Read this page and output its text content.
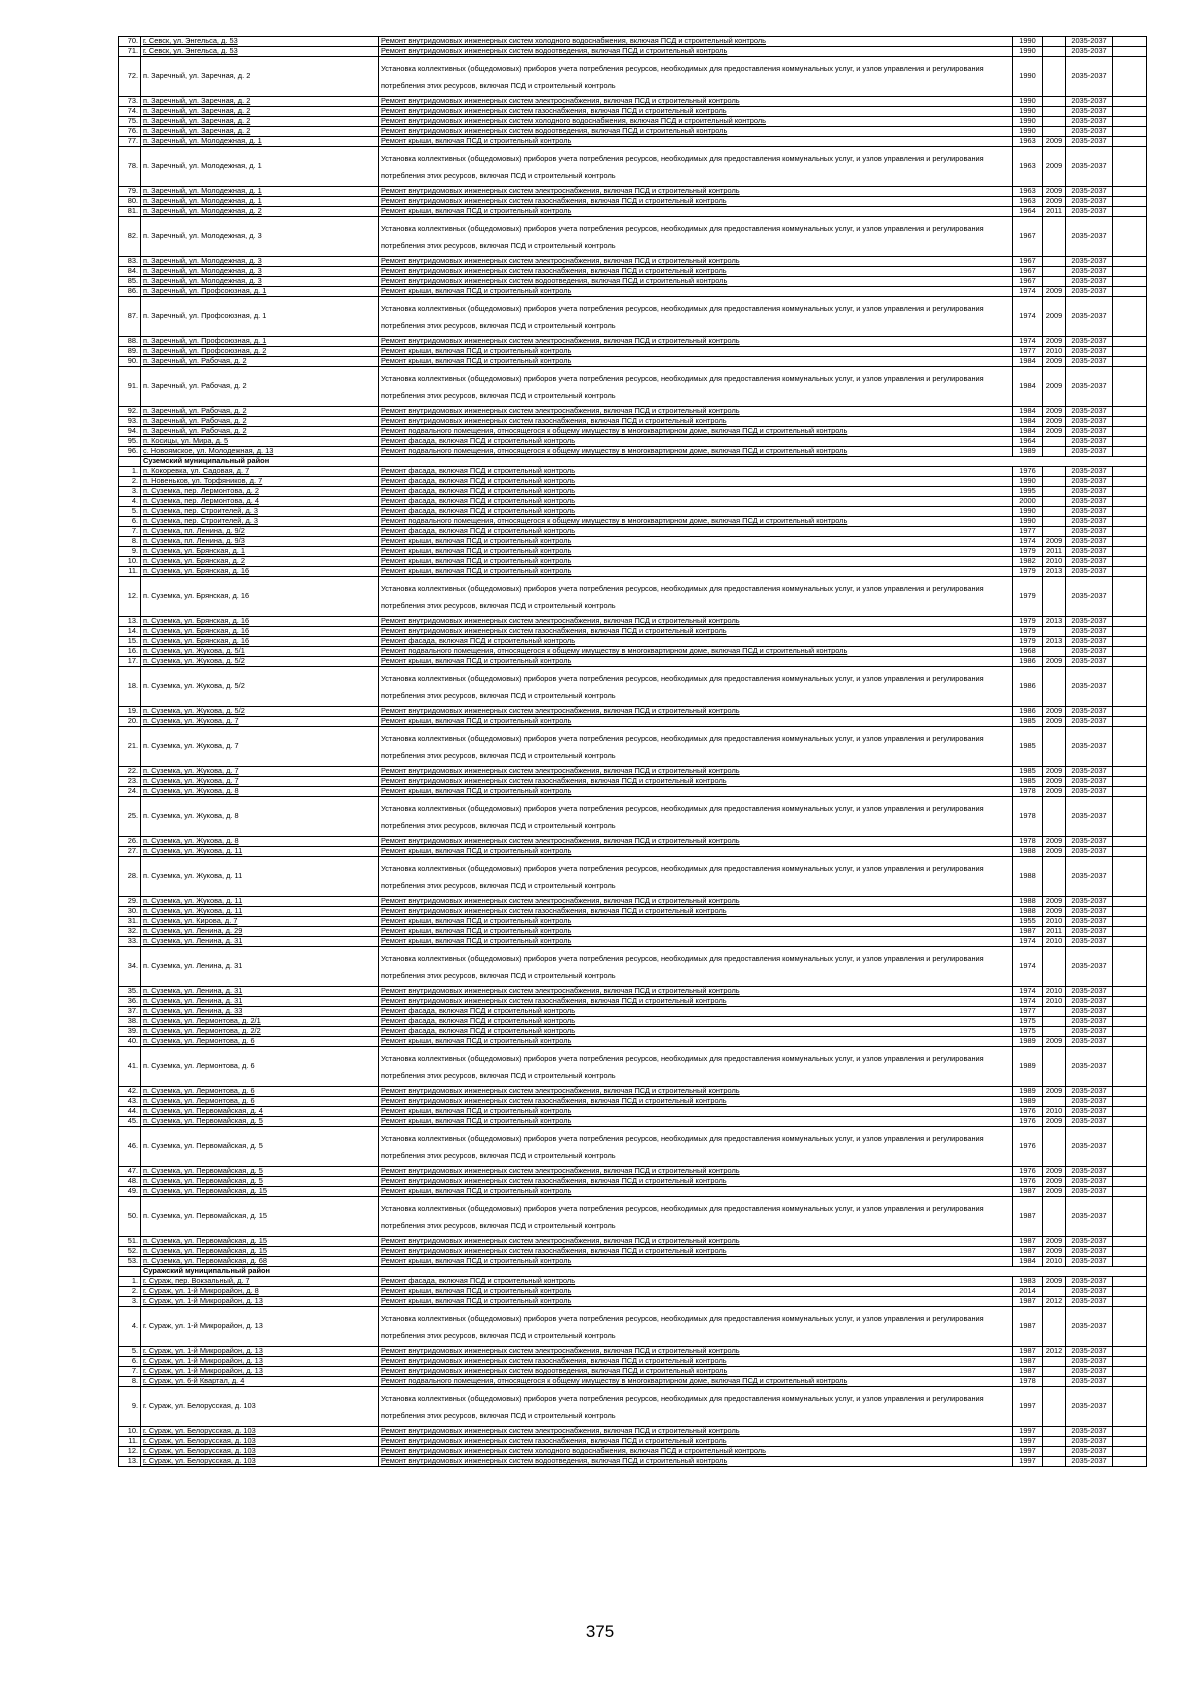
70.	г. Севск, ул. Энгельса, д. 53	Ремонт внутридомовых инженерных систем холодного водоснабжения, включая ПСД и строительный контроль	1990		2035-2037	
71.	г. Севск, ул. Энгельса, д. 53	Ремонт внутридомовых инженерных систем водоотведения, включая ПСД и строительный контроль	1990		2035-2037	
72.	п. Заречный, ул. Заречная, д. 2	Установка коллективных (общедомовых) приборов учета потребления ресурсов, необходимых для предоставления коммунальных услуг, и узлов управления и регулирования потребления этих ресурсов, включая ПСД и строительный контроль	1990		2035-2037	
73.	п. Заречный, ул. Заречная, д. 2	Ремонт внутридомовых инженерных систем электроснабжения, включая ПСД и строительный контроль	1990		2035-2037	
74.	п. Заречный, ул. Заречная, д. 2	Ремонт внутридомовых инженерных систем газоснабжения, включая ПСД и строительный контроль	1990		2035-2037	
75.	п. Заречный, ул. Заречная, д. 2	Ремонт внутридомовых инженерных систем холодного водоснабжения, включая ПСД и строительный контроль	1990		2035-2037	
76.	п. Заречный, ул. Заречная, д. 2	Ремонт внутридомовых инженерных систем водоотведения, включая ПСД и строительный контроль	1990		2035-2037	
77.	п. Заречный, ул. Молодежная, д. 1	Ремонт крыши, включая ПСД и строительный контроль	1963	2009	2035-2037	
78.	п. Заречный, ул. Молодежная, д. 1	Установка коллективных (общедомовых) приборов учета потребления ресурсов, необходимых для предоставления коммунальных услуг, и узлов управления и регулирования потребления этих ресурсов, включая ПСД и строительный контроль	1963	2009	2035-2037	
79.	п. Заречный, ул. Молодежная, д. 1	Ремонт внутридомовых инженерных систем электроснабжения, включая ПСД и строительный контроль	1963	2009	2035-2037	
80.	п. Заречный, ул. Молодежная, д. 1	Ремонт внутридомовых инженерных систем газоснабжения, включая ПСД и строительный контроль	1963	2009	2035-2037	
81.	п. Заречный, ул. Молодежная, д. 2	Ремонт крыши, включая ПСД и строительный контроль	1964	2011	2035-2037	
82.	п. Заречный, ул. Молодежная, д. 3	Установка коллективных (общедомовых) приборов учета потребления ресурсов, необходимых для предоставления коммунальных услуг, и узлов управления и регулирования потребления этих ресурсов, включая ПСД и строительный контроль	1967		2035-2037	
83.	п. Заречный, ул. Молодежная, д. 3	Ремонт внутридомовых инженерных систем электроснабжения, включая ПСД и строительный контроль	1967		2035-2037	
84.	п. Заречный, ул. Молодежная, д. 3	Ремонт внутридомовых инженерных систем газоснабжения, включая ПСД и строительный контроль	1967		2035-2037	
85.	п. Заречный, ул. Молодежная, д. 3	Ремонт внутридомовых инженерных систем водоотведения, включая ПСД и строительный контроль	1967		2035-2037	
86.	п. Заречный, ул. Профсоюзная, д. 1	Ремонт крыши, включая ПСД и строительный контроль	1974	2009	2035-2037	
87.	п. Заречный, ул. Профсоюзная, д. 1	Установка коллективных (общедомовых) приборов учета потребления ресурсов, необходимых для предоставления коммунальных услуг, и узлов управления и регулирования потребления этих ресурсов, включая ПСД и строительный контроль	1974	2009	2035-2037	
88.	п. Заречный, ул. Профсоюзная, д. 1	Ремонт внутридомовых инженерных систем электроснабжения, включая ПСД и строительный контроль	1974	2009	2035-2037	
89.	п. Заречный, ул. Профсоюзная, д. 2	Ремонт крыши, включая ПСД и строительный контроль	1977	2010	2035-2037	
90.	п. Заречный, ул. Рабочая, д. 2	Ремонт крыши, включая ПСД и строительный контроль	1984	2009	2035-2037	
91.	п. Заречный, ул. Рабочая, д. 2	Установка коллективных (общедомовых) приборов учета потребления ресурсов, необходимых для предоставления коммунальных услуг, и узлов управления и регулирования потребления этих ресурсов, включая ПСД и строительный контроль	1984	2009	2035-2037	
92.	п. Заречный, ул. Рабочая, д. 2	Ремонт внутридомовых инженерных систем электроснабжения, включая ПСД и строительный контроль	1984	2009	2035-2037	
93.	п. Заречный, ул. Рабочая, д. 2	Ремонт внутридомовых инженерных систем газоснабжения, включая ПСД и строительный контроль	1984	2009	2035-2037	
94.	п. Заречный, ул. Рабочая, д. 2	Ремонт подвального помещения, относящегося к общему имуществу в многоквартирном доме, включая ПСД и строительный контроль	1984	2009	2035-2037	
95.	п. Косицы, ул. Мира, д. 5	Ремонт фасада, включая ПСД и строительный контроль	1964		2035-2037	
96.	с. Новоямское, ул. Молодежная, д. 13	Ремонт подвального помещения, относящегося к общему имуществу в многоквартирном доме, включая ПСД и строительный контроль	1989		2035-2037	
	Суземский муниципальный район					
1.	п. Кокоревка, ул. Садовая, д. 7	Ремонт фасада, включая ПСД и строительный контроль	1976		2035-2037	
2.	п. Новеньков, ул. Торфяников, д. 7	Ремонт фасада, включая ПСД и строительный контроль	1990		2035-2037	
3.	п. Суземка, пер. Лермонтова, д. 2	Ремонт фасада, включая ПСД и строительный контроль	1995		2035-2037	
4.	п. Суземка, пер. Лермонтова, д. 4	Ремонт фасада, включая ПСД и строительный контроль	2000		2035-2037	
5.	п. Суземка, пер. Строителей, д. 3	Ремонт фасада, включая ПСД и строительный контроль	1990		2035-2037	
6.	п. Суземка, пер. Строителей, д. 3	Ремонт подвального помещения, относящегося к общему имуществу в многоквартирном доме, включая ПСД и строительный контроль	1990		2035-2037	
7.	п. Суземка, пл. Ленина, д. 9/2	Ремонт фасада, включая ПСД и строительный контроль	1977		2035-2037	
8.	п. Суземка, пл. Ленина, д. 9/3	Ремонт крыши, включая ПСД и строительный контроль	1974	2009	2035-2037	
9.	п. Суземка, ул. Брянская, д. 1	Ремонт крыши, включая ПСД и строительный контроль	1979	2011	2035-2037	
10.	п. Суземка, ул. Брянская, д. 2	Ремонт крыши, включая ПСД и строительный контроль	1982	2010	2035-2037	
11.	п. Суземка, ул. Брянская, д. 16	Ремонт крыши, включая ПСД и строительный контроль	1979	2013	2035-2037	
12.	п. Суземка, ул. Брянская, д. 16	Установка коллективных (общедомовых) приборов учета потребления ресурсов, необходимых для предоставления коммунальных услуг, и узлов управления и регулирования потребления этих ресурсов, включая ПСД и строительный контроль	1979		2035-2037	
13.	п. Суземка, ул. Брянская, д. 16	Ремонт внутридомовых инженерных систем электроснабжения, включая ПСД и строительный контроль	1979	2013	2035-2037	
14.	п. Суземка, ул. Брянская, д. 16	Ремонт внутридомовых инженерных систем газоснабжения, включая ПСД и строительный контроль	1979		2035-2037	
15.	п. Суземка, ул. Брянская, д. 16	Ремонт фасада, включая ПСД и строительный контроль	1979	2013	2035-2037	
16.	п. Суземка, ул. Жукова, д. 5/1	Ремонт подвального помещения, относящегося к общему имуществу в многоквартирном доме, включая ПСД и строительный контроль	1968		2035-2037	
17.	п. Суземка, ул. Жукова, д. 5/2	Ремонт крыши, включая ПСД и строительный контроль	1986	2009	2035-2037	
18.	п. Суземка, ул. Жукова, д. 5/2	Установка коллективных (общедомовых) приборов учета потребления ресурсов, необходимых для предоставления коммунальных услуг, и узлов управления и регулирования потребления этих ресурсов, включая ПСД и строительный контроль	1986		2035-2037	
19.	п. Суземка, ул. Жукова, д. 5/2	Ремонт внутридомовых инженерных систем электроснабжения, включая ПСД и строительный контроль	1986	2009	2035-2037	
20.	п. Суземка, ул. Жукова, д. 7	Ремонт крыши, включая ПСД и строительный контроль	1985	2009	2035-2037	
21.	п. Суземка, ул. Жукова, д. 7	Установка коллективных (общедомовых) приборов учета потребления ресурсов, необходимых для предоставления коммунальных услуг, и узлов управления и регулирования потребления этих ресурсов, включая ПСД и строительный контроль	1985		2035-2037	
22.	п. Суземка, ул. Жукова, д. 7	Ремонт внутридомовых инженерных систем электроснабжения, включая ПСД и строительный контроль	1985	2009	2035-2037	
23.	п. Суземка, ул. Жукова, д. 7	Ремонт внутридомовых инженерных систем газоснабжения, включая ПСД и строительный контроль	1985	2009	2035-2037	
24.	п. Суземка, ул. Жукова, д. 8	Ремонт крыши, включая ПСД и строительный контроль	1978	2009	2035-2037	
25.	п. Суземка, ул. Жукова, д. 8	Установка коллективных (общедомовых) приборов учета потребления ресурсов, необходимых для предоставления коммунальных услуг, и узлов управления и регулирования потребления этих ресурсов, включая ПСД и строительный контроль	1978		2035-2037	
26.	п. Суземка, ул. Жукова, д. 8	Ремонт внутридомовых инженерных систем электроснабжения, включая ПСД и строительный контроль	1978	2009	2035-2037	
27.	п. Суземка, ул. Жукова, д. 11	Ремонт крыши, включая ПСД и строительный контроль	1988	2009	2035-2037	
28.	п. Суземка, ул. Жукова, д. 11	Установка коллективных (общедомовых) приборов учета потребления ресурсов, необходимых для предоставления коммунальных услуг, и узлов управления и регулирования потребления этих ресурсов, включая ПСД и строительный контроль	1988		2035-2037	
29.	п. Суземка, ул. Жукова, д. 11	Ремонт внутридомовых инженерных систем электроснабжения, включая ПСД и строительный контроль	1988	2009	2035-2037	
30.	п. Суземка, ул. Жукова, д. 11	Ремонт внутридомовых инженерных систем газоснабжения, включая ПСД и строительный контроль	1988	2009	2035-2037	
31.	п. Суземка, ул. Кирова, д. 7	Ремонт крыши, включая ПСД и строительный контроль	1955	2010	2035-2037	
32.	п. Суземка, ул. Ленина, д. 29	Ремонт крыши, включая ПСД и строительный контроль	1987	2011	2035-2037	
33.	п. Суземка, ул. Ленина, д. 31	Ремонт крыши, включая ПСД и строительный контроль	1974	2010	2035-2037	
34.	п. Суземка, ул. Ленина, д. 31	Установка коллективных (общедомовых) приборов учета потребления ресурсов, необходимых для предоставления коммунальных услуг, и узлов управления и регулирования потребления этих ресурсов, включая ПСД и строительный контроль	1974		2035-2037	
35.	п. Суземка, ул. Ленина, д. 31	Ремонт внутридомовых инженерных систем электроснабжения, включая ПСД и строительный контроль	1974	2010	2035-2037	
36.	п. Суземка, ул. Ленина, д. 31	Ремонт внутридомовых инженерных систем газоснабжения, включая ПСД и строительный контроль	1974	2010	2035-2037	
37.	п. Суземка, ул. Ленина, д. 33	Ремонт фасада, включая ПСД и строительный контроль	1977		2035-2037	
38.	п. Суземка, ул. Лермонтова, д. 2/1	Ремонт фасада, включая ПСД и строительный контроль	1975		2035-2037	
39.	п. Суземка, ул. Лермонтова, д. 2/2	Ремонт фасада, включая ПСД и строительный контроль	1975		2035-2037	
40.	п. Суземка, ул. Лермонтова, д. 6	Ремонт крыши, включая ПСД и строительный контроль	1989	2009	2035-2037	
41.	п. Суземка, ул. Лермонтова, д. 6	Установка коллективных (общедомовых) приборов учета потребления ресурсов, необходимых для предоставления коммунальных услуг, и узлов управления и регулирования потребления этих ресурсов, включая ПСД и строительный контроль	1989		2035-2037	
42.	п. Суземка, ул. Лермонтова, д. 6	Ремонт внутридомовых инженерных систем электроснабжения, включая ПСД и строительный контроль	1989	2009	2035-2037	
43.	п. Суземка, ул. Лермонтова, д. 6	Ремонт внутридомовых инженерных систем газоснабжения, включая ПСД и строительный контроль	1989		2035-2037	
44.	п. Суземка, ул. Первомайская, д. 4	Ремонт крыши, включая ПСД и строительный контроль	1976	2010	2035-2037	
45.	п. Суземка, ул. Первомайская, д. 5	Ремонт крыши, включая ПСД и строительный контроль	1976	2009	2035-2037	
46.	п. Суземка, ул. Первомайская, д. 5	Установка коллективных (общедомовых) приборов учета потребления ресурсов, необходимых для предоставления коммунальных услуг, и узлов управления и регулирования потребления этих ресурсов, включая ПСД и строительный контроль	1976		2035-2037	
47.	п. Суземка, ул. Первомайская, д. 5	Ремонт внутридомовых инженерных систем электроснабжения, включая ПСД и строительный контроль	1976	2009	2035-2037	
48.	п. Суземка, ул. Первомайская, д. 5	Ремонт внутридомовых инженерных систем газоснабжения, включая ПСД и строительный контроль	1976	2009	2035-2037	
49.	п. Суземка, ул. Первомайская, д. 15	Ремонт крыши, включая ПСД и строительный контроль	1987	2009	2035-2037	
50.	п. Суземка, ул. Первомайская, д. 15	Установка коллективных (общедомовых) приборов учета потребления ресурсов, необходимых для предоставления коммунальных услуг, и узлов управления и регулирования потребления этих ресурсов, включая ПСД и строительный контроль	1987		2035-2037	
51.	п. Суземка, ул. Первомайская, д. 15	Ремонт внутридомовых инженерных систем электроснабжения, включая ПСД и строительный контроль	1987	2009	2035-2037	
52.	п. Суземка, ул. Первомайская, д. 15	Ремонт внутридомовых инженерных систем газоснабжения, включая ПСД и строительный контроль	1987	2009	2035-2037	
53.	п. Суземка, ул. Первомайская, д. 68	Ремонт крыши, включая ПСД и строительный контроль	1984	2010	2035-2037	
	Суражский муниципальный район					
1.	г. Сураж, пер. Вокзальный, д. 7	Ремонт фасада, включая ПСД и строительный контроль	1983	2009	2035-2037	
2.	г. Сураж, ул. 1-й Микрорайон, д. 8	Ремонт крыши, включая ПСД и строительный контроль	2014		2035-2037	
3.	г. Сураж, ул. 1-й Микрорайон, д. 13	Ремонт крыши, включая ПСД и строительный контроль	1987	2012	2035-2037	
4.	г. Сураж, ул. 1-й Микрорайон, д. 13	Установка коллективных (общедомовых) приборов учета потребления ресурсов, необходимых для предоставления коммунальных услуг, и узлов управления и регулирования потребления этих ресурсов, включая ПСД и строительный контроль	1987		2035-2037	
5.	г. Сураж, ул. 1-й Микрорайон, д. 13	Ремонт внутридомовых инженерных систем электроснабжения, включая ПСД и строительный контроль	1987	2012	2035-2037	
6.	г. Сураж, ул. 1-й Микрорайон, д. 13	Ремонт внутридомовых инженерных систем газоснабжения, включая ПСД и строительный контроль	1987		2035-2037	
7.	г. Сураж, ул. 1-й Микрорайон, д. 13	Ремонт внутридомовых инженерных систем водоотведения, включая ПСД и строительный контроль	1987		2035-2037	
8.	г. Сураж, ул. 6-й Квартал, д. 4	Ремонт подвального помещения, относящегося к общему имуществу в многоквартирном доме, включая ПСД и строительный контроль	1978		2035-2037	
9.	г. Сураж, ул. Белорусская, д. 103	Установка коллективных (общедомовых) приборов учета потребления ресурсов, необходимых для предоставления коммунальных услуг, и узлов управления и регулирования потребления этих ресурсов, включая ПСД и строительный контроль	1997		2035-2037	
10.	г. Сураж, ул. Белорусская, д. 103	Ремонт внутридомовых инженерных систем электроснабжения, включая ПСД и строительный контроль	1997		2035-2037	
11.	г. Сураж, ул. Белорусская, д. 103	Ремонт внутридомовых инженерных систем газоснабжения, включая ПСД и строительный контроль	1997		2035-2037	
12.	г. Сураж, ул. Белорусская, д. 103	Ремонт внутридомовых инженерных систем холодного водоснабжения, включая ПСД и строительный контроль	1997		2035-2037	
13.	г. Сураж, ул. Белорусская, д. 103	Ремонт внутридомовых инженерных систем водоотведения, включая ПСД и строительный контроль	1997		2035-2037	
375
